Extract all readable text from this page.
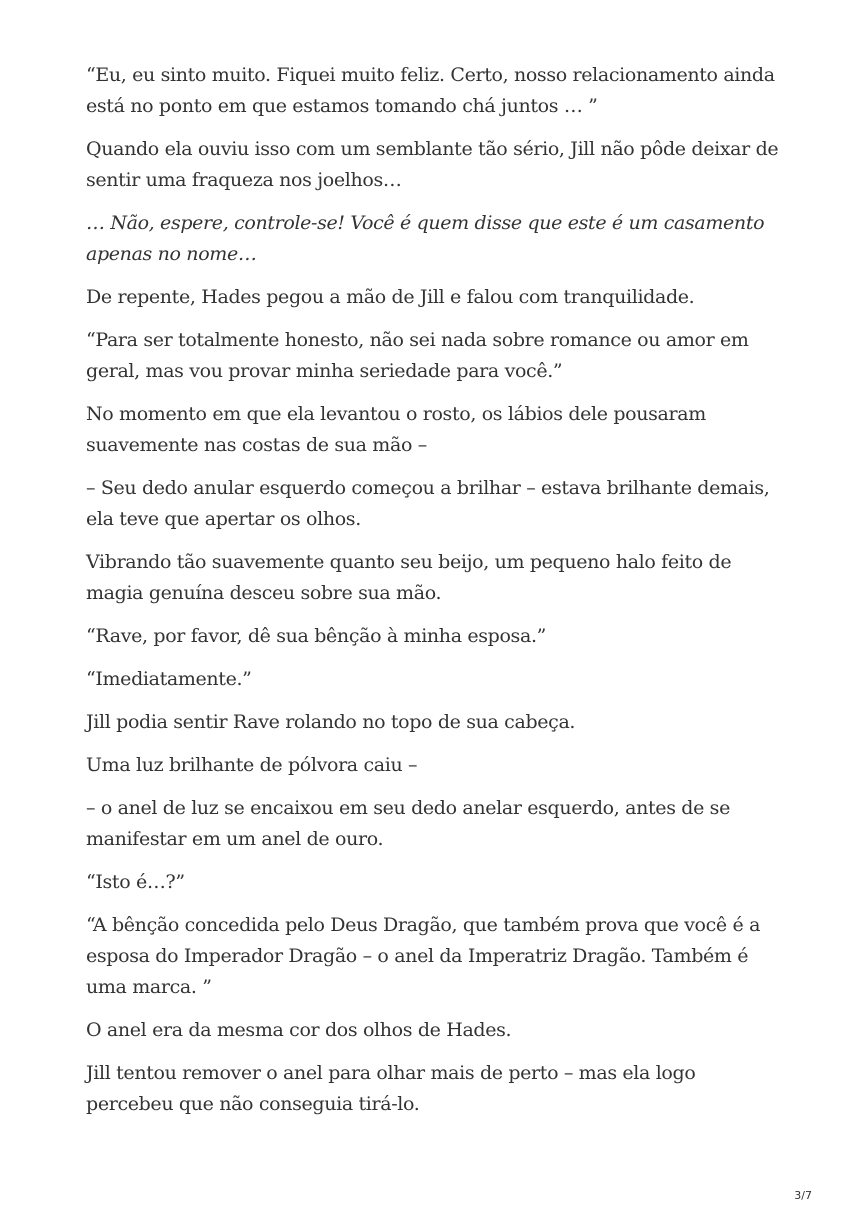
“Eu, eu sinto muito. Fiquei muito feliz. Certo, nosso relacionamento ainda está no ponto em que estamos tomando chá juntos … ”

Quando ela ouviu isso com um semblante tão sério, Jill não pôde deixar de sentir uma fraqueza nos joelhos…

… Não, espere, controle-se! Você é quem disse que este é um casamento apenas no nome…

De repente, Hades pegou a mão de Jill e falou com tranquilidade.

“Para ser totalmente honesto, não sei nada sobre romance ou amor em geral, mas vou provar minha seriedade para você.”

No momento em que ela levantou o rosto, os lábios dele pousaram suavemente nas costas de sua mão –

– Seu dedo anular esquerdo começou a brilhar – estava brilhante demais, ela teve que apertar os olhos.

Vibrando tão suavemente quanto seu beijo, um pequeno halo feito de magia genuína desceu sobre sua mão.

“Rave, por favor, dê sua bênção à minha esposa.”

“Imediatamente.”

Jill podia sentir Rave rolando no topo de sua cabeça.

Uma luz brilhante de pólvora caiu –

– o anel de luz se encaixou em seu dedo anelar esquerdo, antes de se manifestar em um anel de ouro.

“Isto é…?”

“A bênção concedida pelo Deus Dragão, que também prova que você é a esposa do Imperador Dragão – o anel da Imperatriz Dragão. Também é uma marca. ”

O anel era da mesma cor dos olhos de Hades.

Jill tentou remover o anel para olhar mais de perto – mas ela logo percebeu que não conseguia tirá-lo.

3/7
